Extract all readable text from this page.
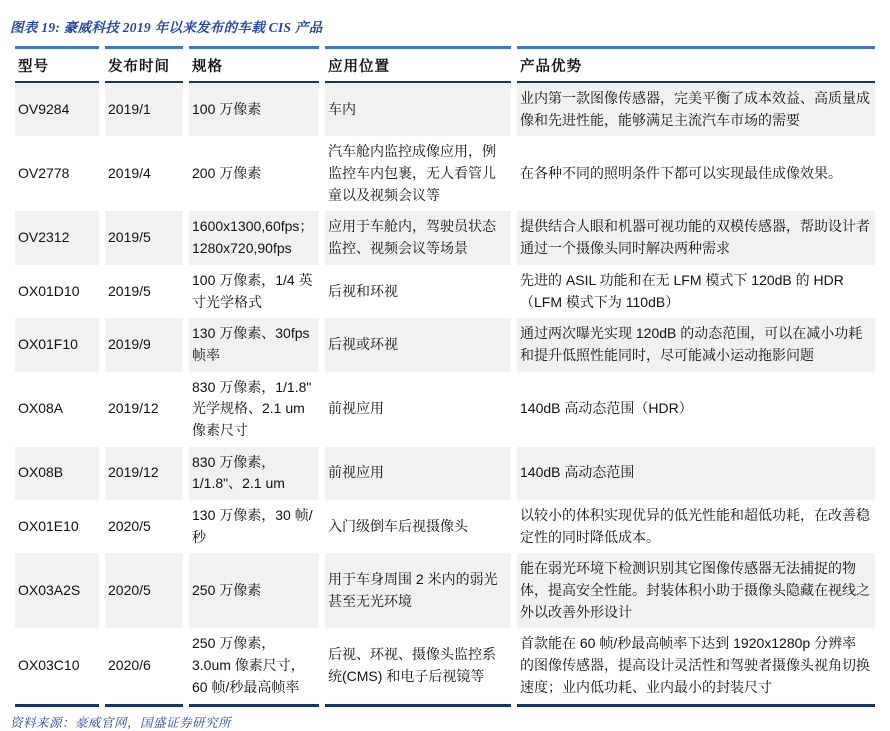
图表 19: 豪威科技 2019 年以来发布的车载 CIS 产品
型号	发布时间	规格	应用位置	产品优势
OV9284	2019/1	100 万像素	车内	业内第一款图像传感器，完美平衡了成本效益、高质量成像和先进性能，能够满足主流汽车市场的需要
OV2778	2019/4	200 万像素	汽车舱内监控成像应用，例监控车内包裹，无人看管儿童以及视频会议等	在各种不同的照明条件下都可以实现最佳成像效果。
OV2312	2019/5	1600x1300,60fps；1280x720,90fps	应用于车舱内，驾驶员状态监控、视频会议等场景	提供结合人眼和机器可视功能的双模传感器，帮助设计者通过一个摄像头同时解决两种需求
OX01D10	2019/5	100 万像素，1/4 英寸光学格式	后视和环视	先进的 ASIL 功能和在无 LFM 模式下 120dB 的 HDR（LFM 模式下为 110dB）
OX01F10	2019/9	130 万像素、30fps 帧率	后视或环视	通过两次曝光实现 120dB 的动态范围，可以在减小功耗和提升低照性能同时，尽可能减小运动拖影问题
OX08A	2019/12	830 万像素，1/1.8" 光学规格、2.1 um 像素尺寸	前视应用	140dB 高动态范围（HDR）
OX08B	2019/12	830 万像素，1/1.8"、2.1 um	前视应用	140dB 高动态范围
OX01E10	2020/5	130 万像素，30 帧/秒	入门级倒车后视摄像头	以较小的体积实现优异的低光性能和超低功耗，在改善稳定性的同时降低成本。
OX03A2S	2020/5	250 万像素	用于车身周围 2 米内的弱光甚至无光环境	能在弱光环境下检测识别其它图像传感器无法捕捉的物体，提高安全性能。封装体积小助于摄像头隐藏在视线之外以改善外形设计
OX03C10	2020/6	250 万像素，3.0um 像素尺寸，60 帧/秒最高帧率	后视、环视、摄像头监控系统(CMS) 和电子后视镜等	首款能在 60 帧/秒最高帧率下达到 1920x1280p 分辨率的图像传感器，提高设计灵活性和驾驶者摄像头视角切换速度；业内低功耗、业内最小的封装尺寸
资料来源：豪威官网，国盛证券研究所
